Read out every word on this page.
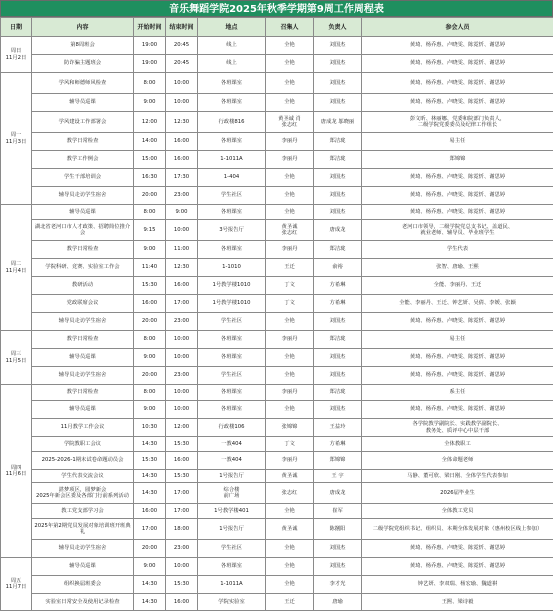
音乐舞蹈学院2025年秋季学期第9周工作周程表
日期	内容	开始时间	结束时间	地点	召集人	负责人	参会人员
周日
11月2日	第8周班会	19:00	20:45	线上	全艳	刘国杰	黄琦、杨乔惠、卢晓雯、陈霓忻、谢思婷
	防诈骗主题班会	19:00	20:45	线上	全艳	刘国杰	黄琦、杨乔惠、卢晓雯、陈霓忻、谢思婷
周一
11月3日	学风和师德师风检查	8:00	10:00	各班课室	全艳	刘国杰	黄琦、杨乔惠、卢晓雯、陈霓忻、谢思婷
	辅导员巡课	9:00	10:00	各班课室	全艳	刘国杰	黄琦、杨乔惠、卢晓雯、陈霓忻、谢思婷
	学风建设工作部署会	12:00	12:30	行政楼816	黄圣诚 肖
张志红	唐成龙 邬晓丽	彭文昕、林丽娜、党委和院部门负责人，
二级学院党委委员及纪律工作组长
	教学日常检查	14:00	16:00	各班课室	李丽丹	郑洁珑	易主任
	教学工作例会	15:00	16:00	1-1011A	李丽丹	郑洁珑	郑锦锦
	学生干部培训会	16:30	17:30	1-404	全艳	刘国杰	黄琦、杨乔惠、卢晓雯、陈霓忻、谢思婷
	辅导员走访学生宿舍	20:00	23:00	学生社区	全艳	刘国杰	黄琦、杨乔惠、卢晓雯、陈霓忻、谢思婷
周二
11月4日	辅导员巡课	8:00	9:00	各班课室	全艳	刘国杰	黄琦、杨乔惠、卢晓雯、陈霓忻、谢思婷
	湖北省老河口市人才政策、招聘简位推介会	9:15	10:00	3号报告厅	黄圣诚
张志红	唐成龙	老河口市领导，二级学院党总支书记、盖道民、
就业老师、辅导员、毕业班学生
	教学日常检查	9:00	11:00	各班课室	李丽丹	郑洁珑	学生代表
	学院科研、竞赛、实验室工作会	11:40	12:30	1-1010	王迁	俞裕	张智、唐瑜、王熙
	教研活动	15:30	16:00	1号教学楼1010	丁文	方希琳	全能、李丽丹、王迁
	党政联席会议	16:00	17:00	1号教学楼1010	丁文	方希琳	全能、李丽丹、王迁、钟艺妍、吴倩、李媛、张颖
	辅导员走访学生宿舍	20:00	23:00	学生社区	全艳	刘国杰	黄琦、杨乔惠、卢晓雯、陈霓忻、谢思婷
周三
11月5日	教学日常检查	8:00	10:00	各班课室	李丽丹	郑洁珑	易主任
	辅导员巡课	9:00	10:00	各班课室	全艳	刘国杰	黄琦、杨乔惠、卢晓雯、陈霓忻、谢思婷
	辅导员走访学生宿舍	20:00	23:00	学生社区	全艳	刘国杰	黄琦、杨乔惠、卢晓雯、陈霓忻、谢思婷
周四
11月6日	教学日常检查	8:00	10:00	各班课室	李丽丹	郑洁珑	系主任
	辅导员巡课	9:00	10:00	各班课室	全艳	刘国杰	黄琦、杨乔惠、卢晓雯、陈霓忻、谢思婷
	11月教学工作会议	10:30	12:00	行政楼106	张锦锦	王益玲	各学院教学副院长、实践教学副院长、
教务处、质评中心中层干部
	学院教职工会议	14:30	15:30	一教404	丁文	方希琳	全体教职工
	2025-2026-1期末试卷命题动员会	15:30	16:00	一教404	李丽丹	郑锦锦	全体命题老师
	学生代表交流会议	14:30	15:30	1号报告厅	黄圣诚	王 宇	马静、董可欣、梁日刚、全体学生代表参加
	湛梦项区，圆梦新会
2025年新会区委及各部门行前系列活动	14:30	17:00	综合楼
前广场	张志红	唐成龙	2026届毕业生
	教工党支部学习会	16:00	17:00	1号教学楼401	全艳	崔军	全体教工党员
	2025年第2期党员发展对象培训班开班典礼	17:00	18:00	1号报告厅	黄圣诚	陈捌阳	二级学院党组织书记、组织员、本期全体发展对象（惠州校区线上参加）
	辅导员走访学生宿舍	20:00	23:00	学生社区	全艳	刘国杰	黄琦、杨乔惠、卢晓雯、陈霓忻、谢思婷
周五
11月7日	辅导员巡课	9:00	10:00	各班课室	全艳	刘国杰	黄琦、杨乔惠、卢晓雯、陈霓忻、谢思婷
	组织换届班委会	14:30	15:30	1-1011A	全艳	李才光	钟艺妍、李双瑞、杨宏瑜、魏道祺
	实验室日常安全及使用记录检查	14:30	16:00	学院实验室	王迁	唐瑜	王熙、梁诗毅
